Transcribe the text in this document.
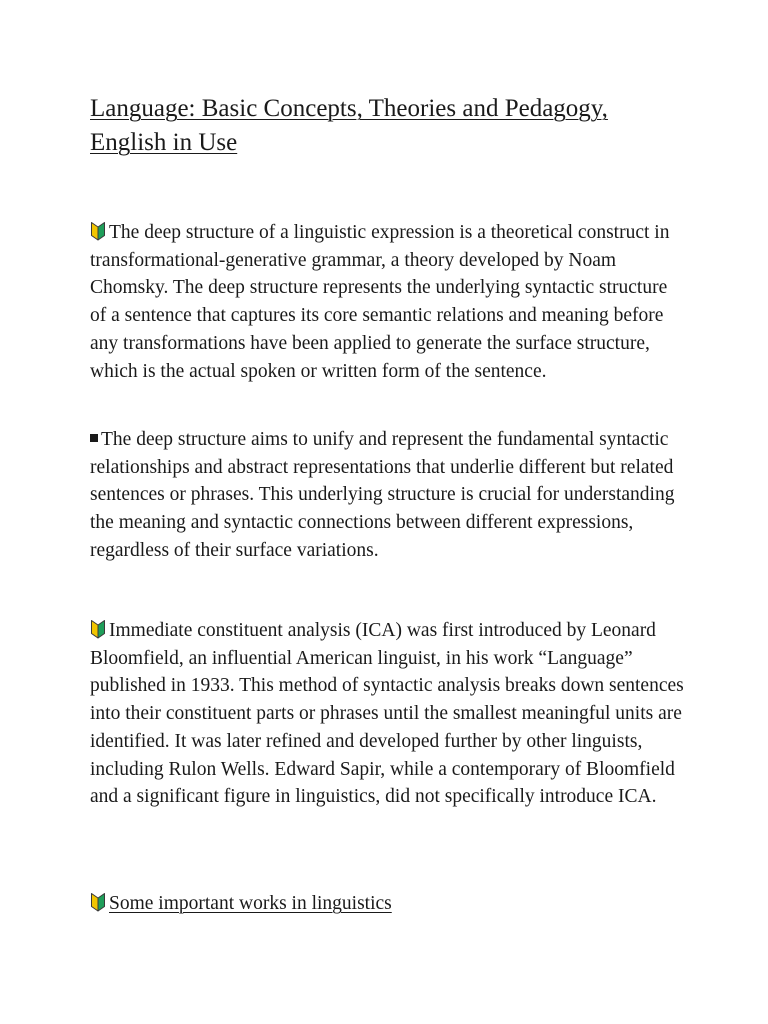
Language: Basic Concepts, Theories and Pedagogy, English in Use

The deep structure of a linguistic expression is a theoretical construct in transformational-generative grammar, a theory developed by Noam Chomsky. The deep structure represents the underlying syntactic structure of a sentence that captures its core semantic relations and meaning before any transformations have been applied to generate the surface structure, which is the actual spoken or written form of the sentence.

The deep structure aims to unify and represent the fundamental syntactic relationships and abstract representations that underlie different but related sentences or phrases. This underlying structure is crucial for understanding the meaning and syntactic connections between different expressions, regardless of their surface variations.

Immediate constituent analysis (ICA) was first introduced by Leonard Bloomfield, an influential American linguist, in his work “Language” published in 1933. This method of syntactic analysis breaks down sentences into their constituent parts or phrases until the smallest meaningful units are identified. It was later refined and developed further by other linguists, including Rulon Wells. Edward Sapir, while a contemporary of Bloomfield and a significant figure in linguistics, did not specifically introduce ICA.

Some important works in linguistics
